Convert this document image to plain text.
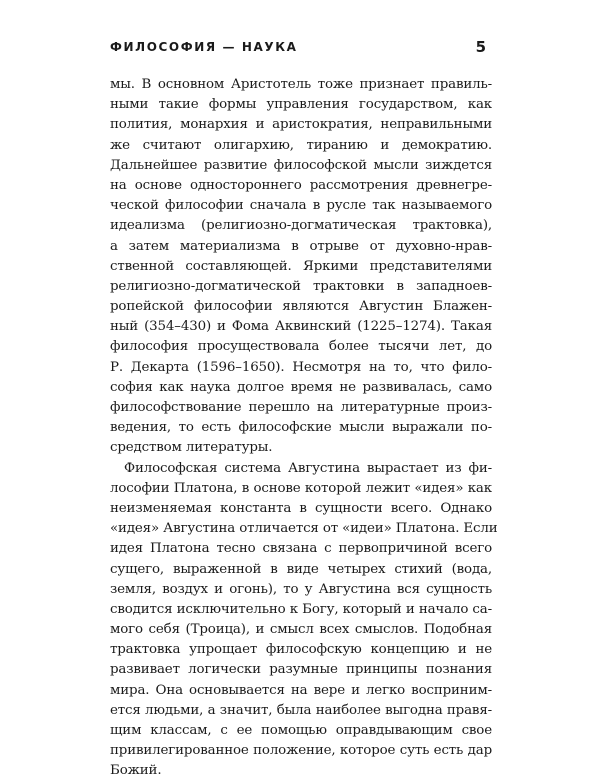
ФИЛОСОФИЯ — НАУКА	5

мы. В основном Аристотель тоже признает правиль-
ными такие формы управления государством, как
полития, монархия и аристократия, неправильными
же считают олигархию, тиранию и демократию.
Дальнейшее развитие философской мысли зиждется
на основе одностороннего рассмотрения древнегре-
ческой философии сначала в русле так называемого
идеализма (религиозно-догматическая трактовка),
а затем материализма в отрыве от духовно-нрав-
ственной составляющей. Яркими представителями
религиозно-догматической трактовки в западноев-
ропейской философии являются Августин Блажен-
ный (354–430) и Фома Аквинский (1225–1274). Такая
философия просуществовала более тысячи лет, до
Р. Декарта (1596–1650). Несмотря на то, что фило-
софия как наука долгое время не развивалась, само
философствование перешло на литературные произ-
ведения, то есть философские мысли выражали по-
средством литературы.

Философская система Августина вырастает из фи-
лософии Платона, в основе которой лежит «идея» как
неизменяемая константа в сущности всего. Однако
«идея» Августина отличается от «идеи» Платона. Если
идея Платона тесно связана с первопричиной всего
сущего, выраженной в виде четырех стихий (вода,
земля, воздух и огонь), то у Августина вся сущность
сводится исключительно к Богу, который и начало са-
мого себя (Троица), и смысл всех смыслов. Подобная
трактовка упрощает философскую концепцию и не
развивает логически разумные принципы познания
мира. Она основывается на вере и легко восприним-
ется людьми, а значит, была наиболее выгодна правя-
щим классам, с ее помощью оправдывающим свое
привилегированное положение, которое суть есть дар
Божий.
